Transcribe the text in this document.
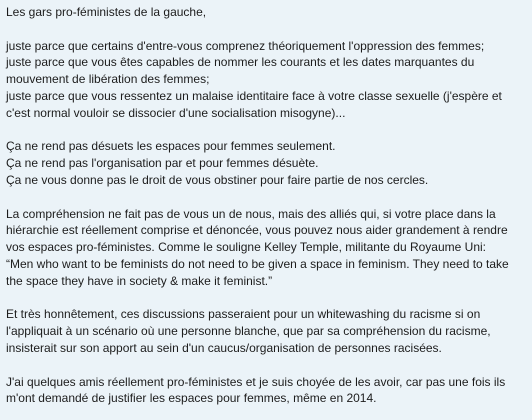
Les gars pro-féministes de la gauche,

juste parce que certains d'entre-vous comprenez théoriquement l'oppression des femmes;
juste parce que vous êtes capables de nommer les courants et les dates marquantes du
mouvement de libération des femmes;
juste parce que vous ressentez un malaise identitaire face à votre classe sexuelle (j'espère et
c'est normal vouloir se dissocier d'une socialisation misogyne)...

Ça ne rend pas désuets les espaces pour femmes seulement.
Ça ne rend pas l'organisation par et pour femmes désuète.
Ça ne vous donne pas le droit de vous obstiner pour faire partie de nos cercles.

La compréhension ne fait pas de vous un de nous, mais des alliés qui, si votre place dans la
hiérarchie est réellement comprise et dénoncée, vous pouvez nous aider grandement à rendre
vos espaces pro-féministes. Comme le souligne Kelley Temple, militante du Royaume Uni:
“Men who want to be feminists do not need to be given a space in feminism. They need to take
the space they have in society & make it feminist.”

Et très honnêtement, ces discussions passeraient pour un whitewashing du racisme si on
l'appliquait à un scénario où une personne blanche, que par sa compréhension du racisme,
insisterait sur son apport au sein d'un caucus/organisation de personnes racisées.

J'ai quelques amis réellement pro-féministes et je suis choyée de les avoir, car pas une fois ils
m'ont demandé de justifier les espaces pour femmes, même en 2014.
